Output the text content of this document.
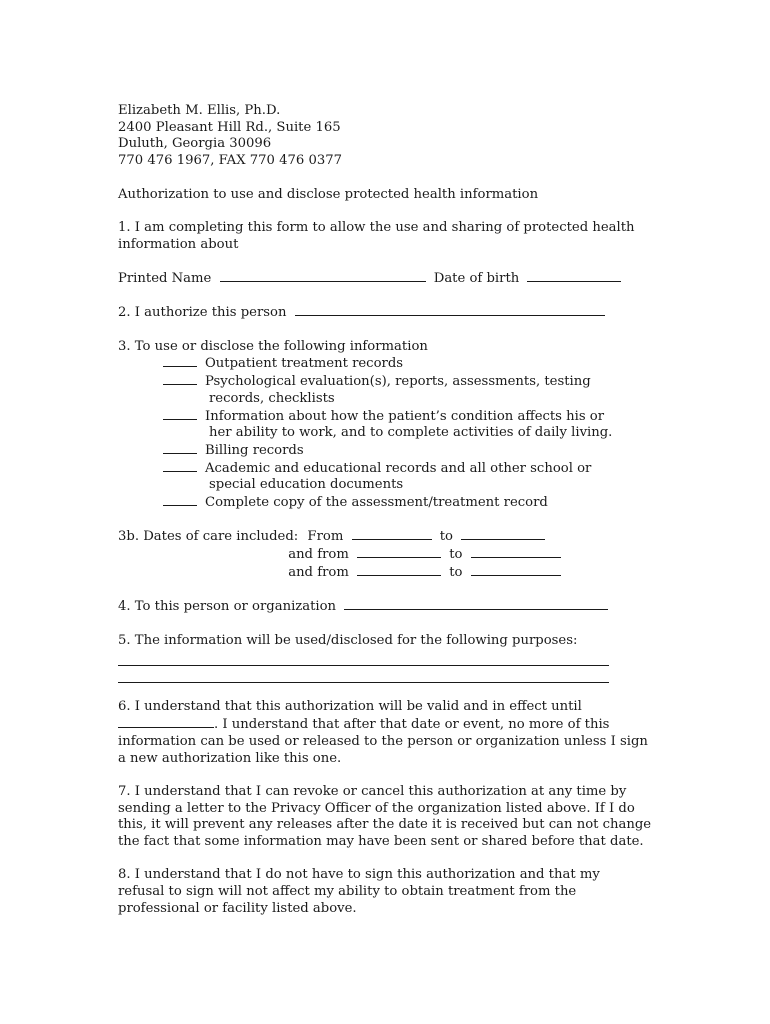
Elizabeth M. Ellis, Ph.D.
2400 Pleasant Hill Rd., Suite 165
Duluth, Georgia 30096
770 476 1967, FAX 770 476 0377
Authorization to use and disclose protected health information
1. I am completing this form to allow the use and sharing of protected health
information about
Printed Name	Date of birth
2. I authorize this person
3. To use or disclose the following information
Outpatient treatment records
Psychological evaluation(s), reports, assessments, testing
records, checklists
Information about how the patient’s condition affects his or
her ability to work, and to complete activities of daily living.
Billing records
Academic and educational records and all other school or
special education documents
Complete copy of the assessment/treatment record
3b. Dates of care included: From	to
and from	to
and from	to
4. To this person or organization
5. The information will be used/disclosed for the following purposes:
6. I understand that this authorization will be valid and in effect until
. I understand that after that date or event, no more of this
information can be used or released to the person or organization unless I sign
a new authorization like this one.
7. I understand that I can revoke or cancel this authorization at any time by
sending a letter to the Privacy Officer of the organization listed above. If I do
this, it will prevent any releases after the date it is received but can not change
the fact that some information may have been sent or shared before that date.
8. I understand that I do not have to sign this authorization and that my
refusal to sign will not affect my ability to obtain treatment from the
professional or facility listed above.
